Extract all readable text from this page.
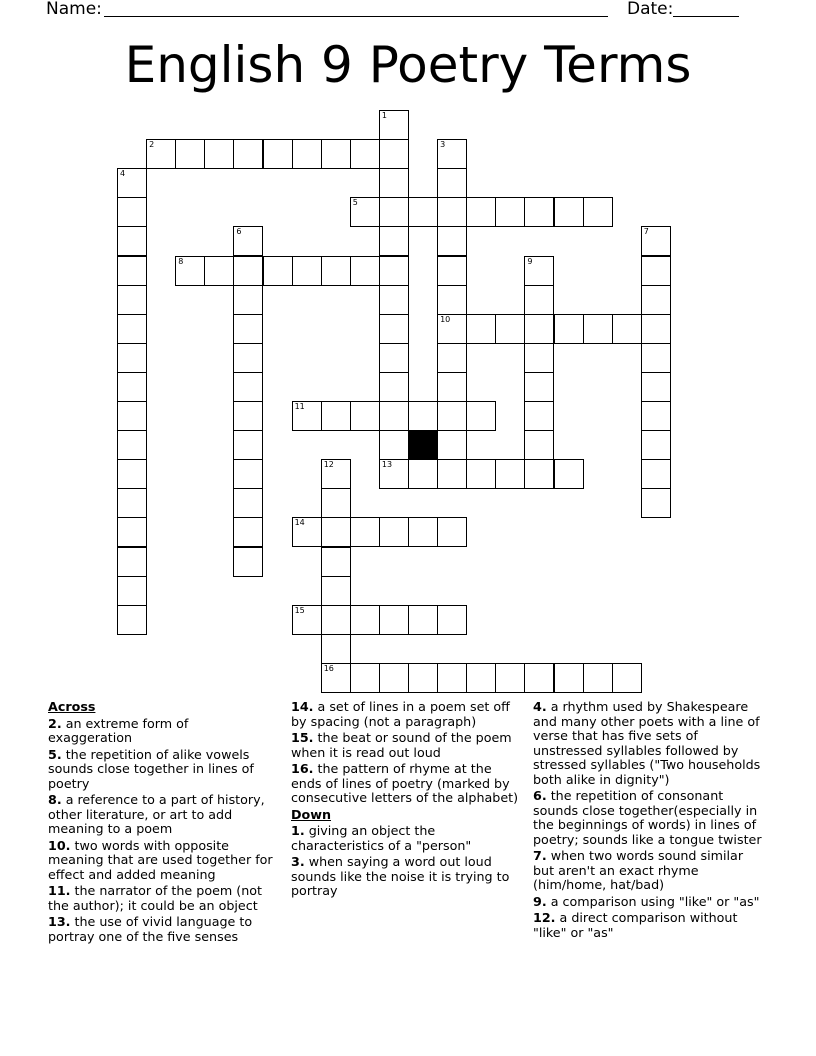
Name:	Date:
English 9 Poetry Terms
1
13
2	3
10
4
5
6	7
8	9
11
12
16
14
15
Across
2. an extreme form of exaggeration
5. the repetition of alike vowels sounds close together in lines of poetry
8. a reference to a part of history, other literature, or art to add meaning to a poem
10. two words with opposite meaning that are used together for effect and added meaning
11. the narrator of the poem (not the author); it could be an object
13. the use of vivid language to portray one of the five senses
14. a set of lines in a poem set off by spacing (not a paragraph)
15. the beat or sound of the poem when it is read out loud
16. the pattern of rhyme at the ends of lines of poetry (marked by consecutive letters of the alphabet)
Down
1. giving an object the characteristics of a "person"
3. when saying a word out loud sounds like the noise it is trying to portray
4. a rhythm used by Shakespeare and many other poets with a line of verse that has five sets of unstressed syllables followed by stressed syllables ("Two households both alike in dignity")
6. the repetition of consonant sounds close together(especially in the beginnings of words) in lines of poetry; sounds like a tongue twister
7. when two words sound similar but aren't an exact rhyme (him/home, hat/bad)
9. a comparison using "like" or "as"
12. a direct comparison without "like" or "as"
